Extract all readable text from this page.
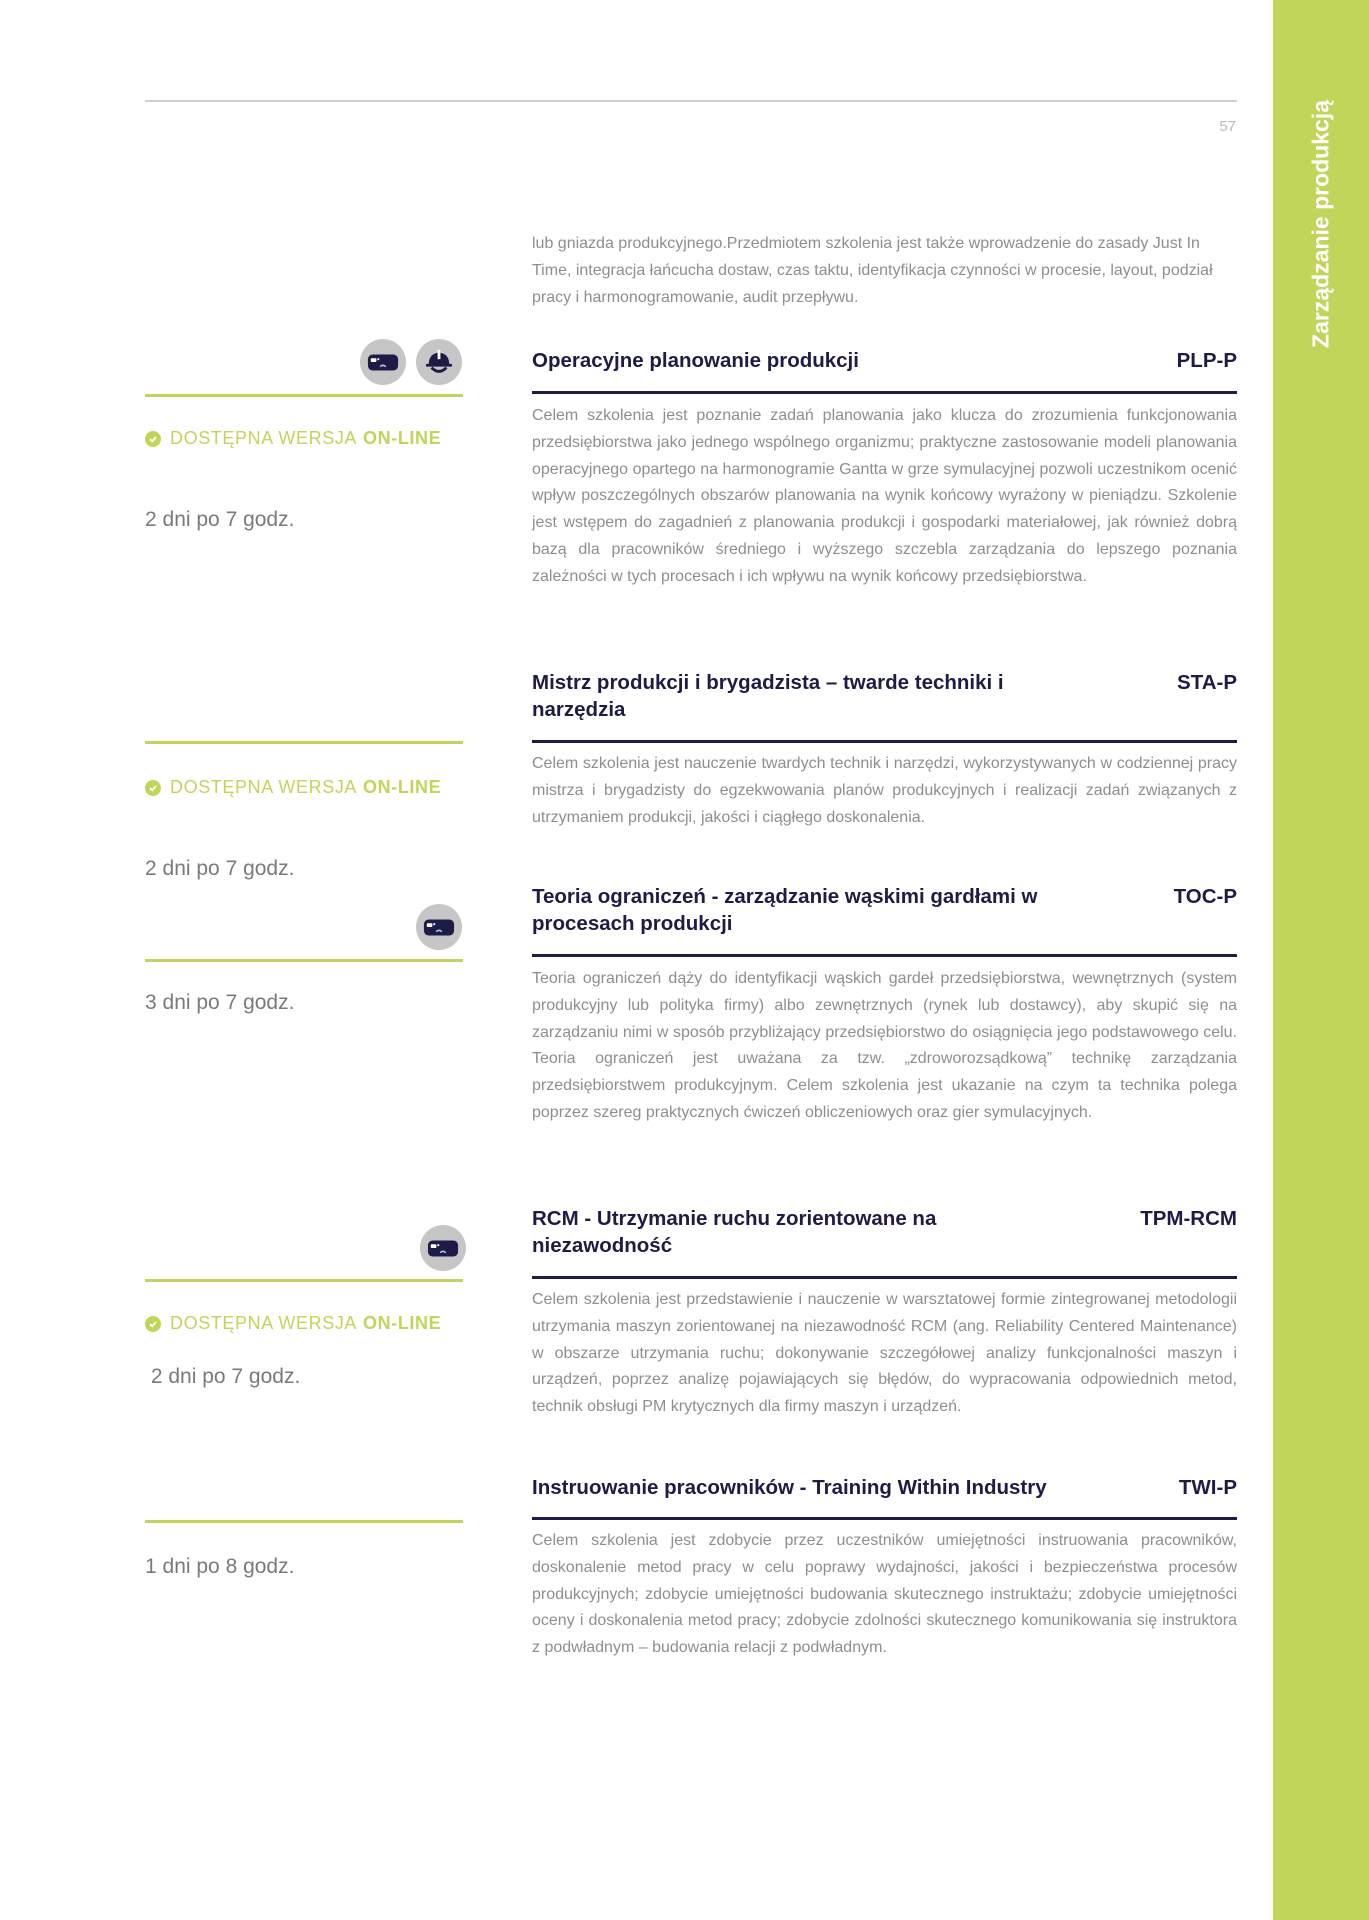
Zarządzanie produkcją
57

lub gniazda produkcyjnego.Przedmiotem szkolenia jest także wprowadzenie do zasady Just In Time, integracja łańcucha dostaw, czas taktu, identyfikacja czynności w procesie, layout, podział pracy i harmonogramowanie, audit przepływu.

DOSTĘPNA WERSJA ON-LINE
2 dni po 7 godz.
Operacyjne planowanie produkcji	PLP-P

Celem szkolenia jest poznanie zadań planowania jako klucza do zrozumienia funkcjonowania przedsiębiorstwa jako jednego wspólnego organizmu; praktyczne zastosowanie modeli planowania operacyjnego opartego na harmonogramie Gantta w grze symulacyjnej pozwoli uczestnikom ocenić wpływ poszczególnych obszarów planowania na wynik końcowy wyrażony w pieniądzu. Szkolenie jest wstępem do zagadnień z planowania produkcji i gospodarki materiałowej, jak również dobrą bazą dla pracowników średniego i wyższego szczebla zarządzania do lepszego poznania zależności w tych procesach i ich wpływu na wynik końcowy przedsiębiorstwa.

DOSTĘPNA WERSJA ON-LINE
2 dni po 7 godz.
Mistrz produkcji i brygadzista – twarde techniki i narzędzia
STA-P

Celem szkolenia jest nauczenie twardych technik i narzędzi, wykorzystywanych w codziennej pracy mistrza i brygadzisty do egzekwowania planów produkcyjnych i realizacji zadań związanych z utrzymaniem produkcji, jakości i ciągłego doskonalenia.

3 dni po 7 godz.
Teoria ograniczeń - zarządzanie wąskimi gardłami w procesach produkcji
TOC-P

Teoria ograniczeń dąży do identyfikacji wąskich gardeł przedsiębiorstwa, wewnętrznych (system produkcyjny lub polityka firmy) albo zewnętrznych (rynek lub dostawcy), aby skupić się na zarządzaniu nimi w sposób przybliżający przedsiębiorstwo do osiągnięcia jego podstawowego celu. Teoria ograniczeń jest uważana za tzw. „zdroworozsądkową” technikę zarządzania przedsiębiorstwem produkcyjnym. Celem szkolenia jest ukazanie na czym ta technika polega poprzez szereg praktycznych ćwiczeń obliczeniowych oraz gier symulacyjnych.

DOSTĘPNA WERSJA ON-LINE
2 dni po 7 godz.
RCM - Utrzymanie ruchu zorientowane na niezawodność
TPM-RCM

Celem szkolenia jest przedstawienie i nauczenie w warsztatowej formie zintegrowanej metodologii utrzymania maszyn zorientowanej na niezawodność RCM (ang. Reliability Centered Maintenance) w obszarze utrzymania ruchu; dokonywanie szczegółowej analizy funkcjonalności maszyn i urządzeń, poprzez analizę pojawiających się błędów, do wypracowania odpowiednich metod, technik obsługi PM krytycznych dla firmy maszyn i urządzeń.

1 dni po 8 godz.
Instruowanie pracowników - Training Within Industry	TWI-P

Celem szkolenia jest zdobycie przez uczestników umiejętności instruowania pracowników, doskonalenie metod pracy w celu poprawy wydajności, jakości i bezpieczeństwa procesów produkcyjnych; zdobycie umiejętności budowania skutecznego instruktażu; zdobycie umiejętności oceny i doskonalenia metod pracy; zdobycie zdolności skutecznego komunikowania się instruktora z podwładnym – budowania relacji z podwładnym.
